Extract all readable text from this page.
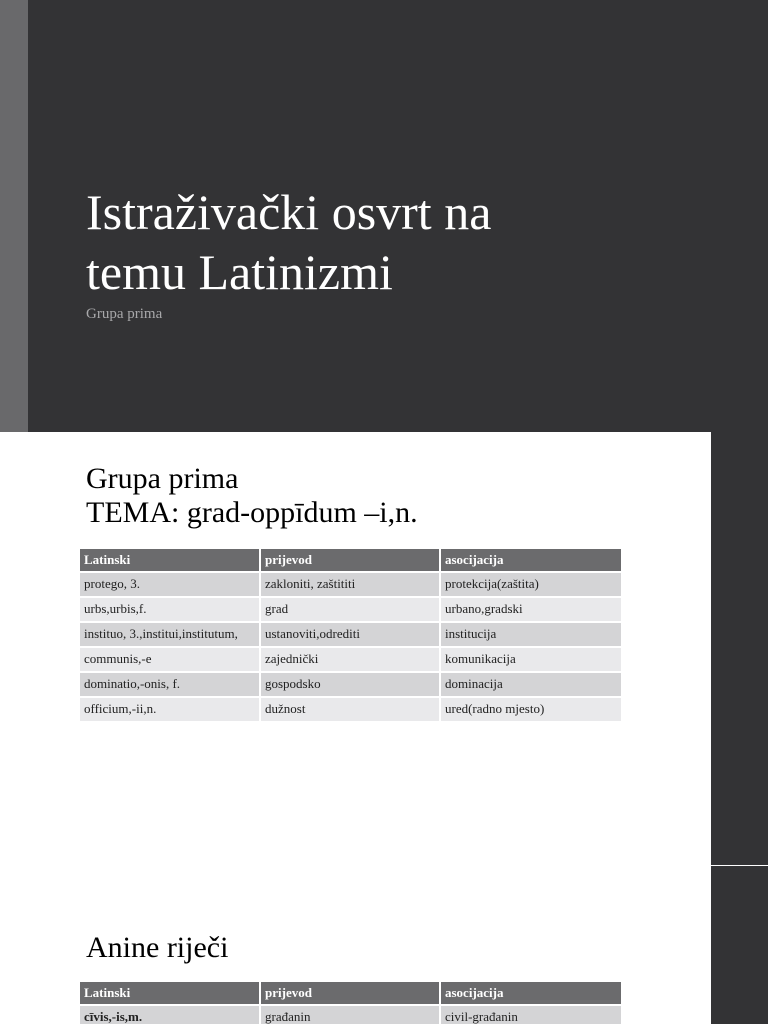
Istraživački osvrt na
temu Latinizmi

Grupa prima

Grupa prima
TEMA: grad-oppīdum –i,n.
Latinski	prijevod	asocijacija
protego, 3.	zakloniti, zaštititi	protekcija(zaštita)
urbs,urbis,f.	grad	urbano,gradski
instituo, 3.,institui,institutum,	ustanoviti,odrediti	institucija
communis,-e	zajednički	komunikacija
dominatio,-onis, f.	gospodsko	dominacija
officium,-ii,n.	dužnost	ured(radno mjesto)
Anine riječi
Latinski	prijevod	asocijacija
cīvis,-is,m.	građanin	civil-građanin
